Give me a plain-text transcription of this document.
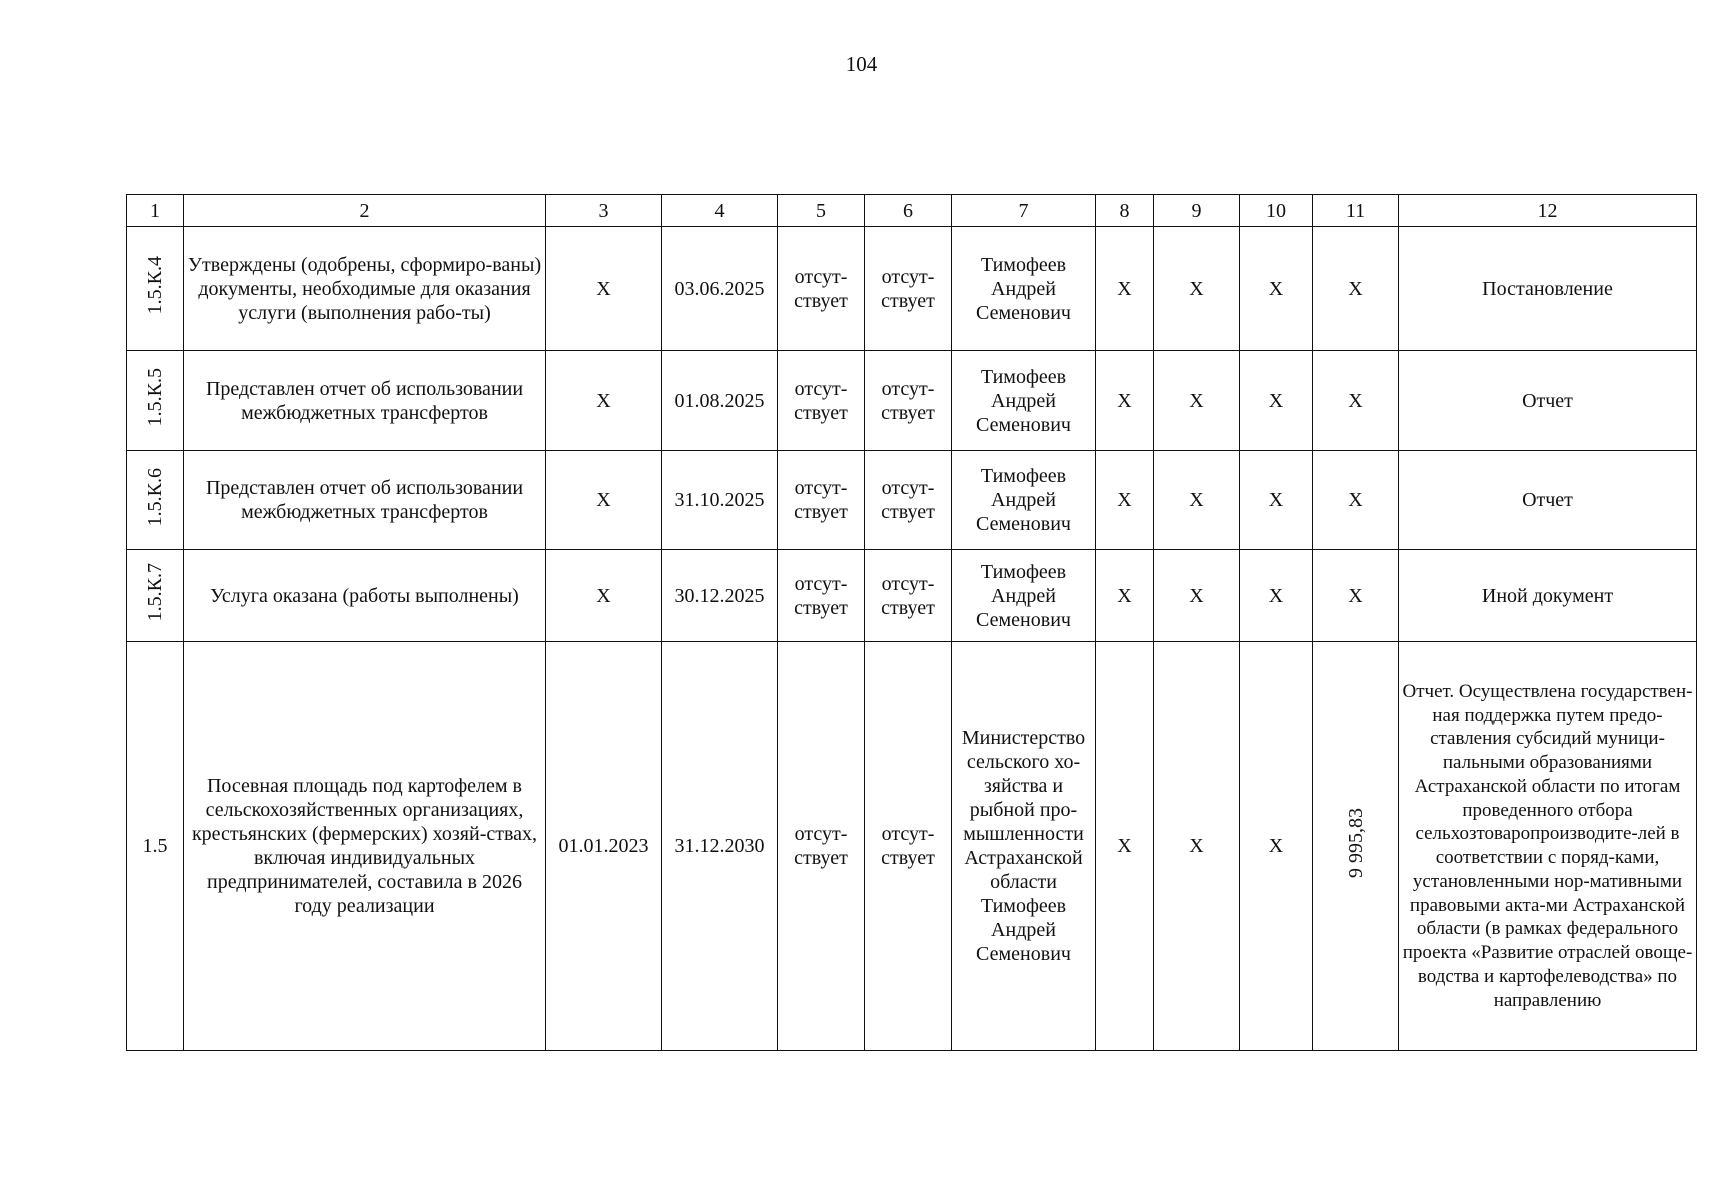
104
1	2	3	4	5	6	7	8	9	10	11	12
1.5.К.4	Утверждены (одобрены, сформиро-ваны) документы, необходимые для оказания услуги (выполнения рабо-ты)	X	03.06.2025	отсут-ствует	отсут-ствует	Тимофеев Андрей Семенович	X	X	X	X	Постановление
1.5.К.5	Представлен отчет об использовании межбюджетных трансфертов	X	01.08.2025	отсут-ствует	отсут-ствует	Тимофеев Андрей Семенович	X	X	X	X	Отчет
1.5.К.6	Представлен отчет об использовании межбюджетных трансфертов	X	31.10.2025	отсут-ствует	отсут-ствует	Тимофеев Андрей Семенович	X	X	X	X	Отчет
1.5.К.7	Услуга оказана (работы выполнены)	X	30.12.2025	отсут-ствует	отсут-ствует	Тимофеев Андрей Семенович	X	X	X	X	Иной документ
1.5	Посевная площадь под картофелем в сельскохозяйственных организациях, крестьянских (фермерских) хозяй-ствах, включая индивидуальных предпринимателей, составила в 2026 году реализации	01.01.2023	31.12.2030	отсут-ствует	отсут-ствует	Министерство сельского хо-зяйства и рыбной про-мышленности Астраханской области Тимофеев Андрей Семенович	X	X	X	9 995,83	Отчет. Осуществлена государствен-ная поддержка путем предо-ставления субсидий муници-пальными образованиями Астраханской области по итогам проведенного отбора сельхозтоваропроизводите-лей в соответствии с поряд-ками, установленными нор-мативными правовыми акта-ми Астраханской области (в рамках федерального проекта «Развитие отраслей овоще-водства и картофелеводства» по направлению
